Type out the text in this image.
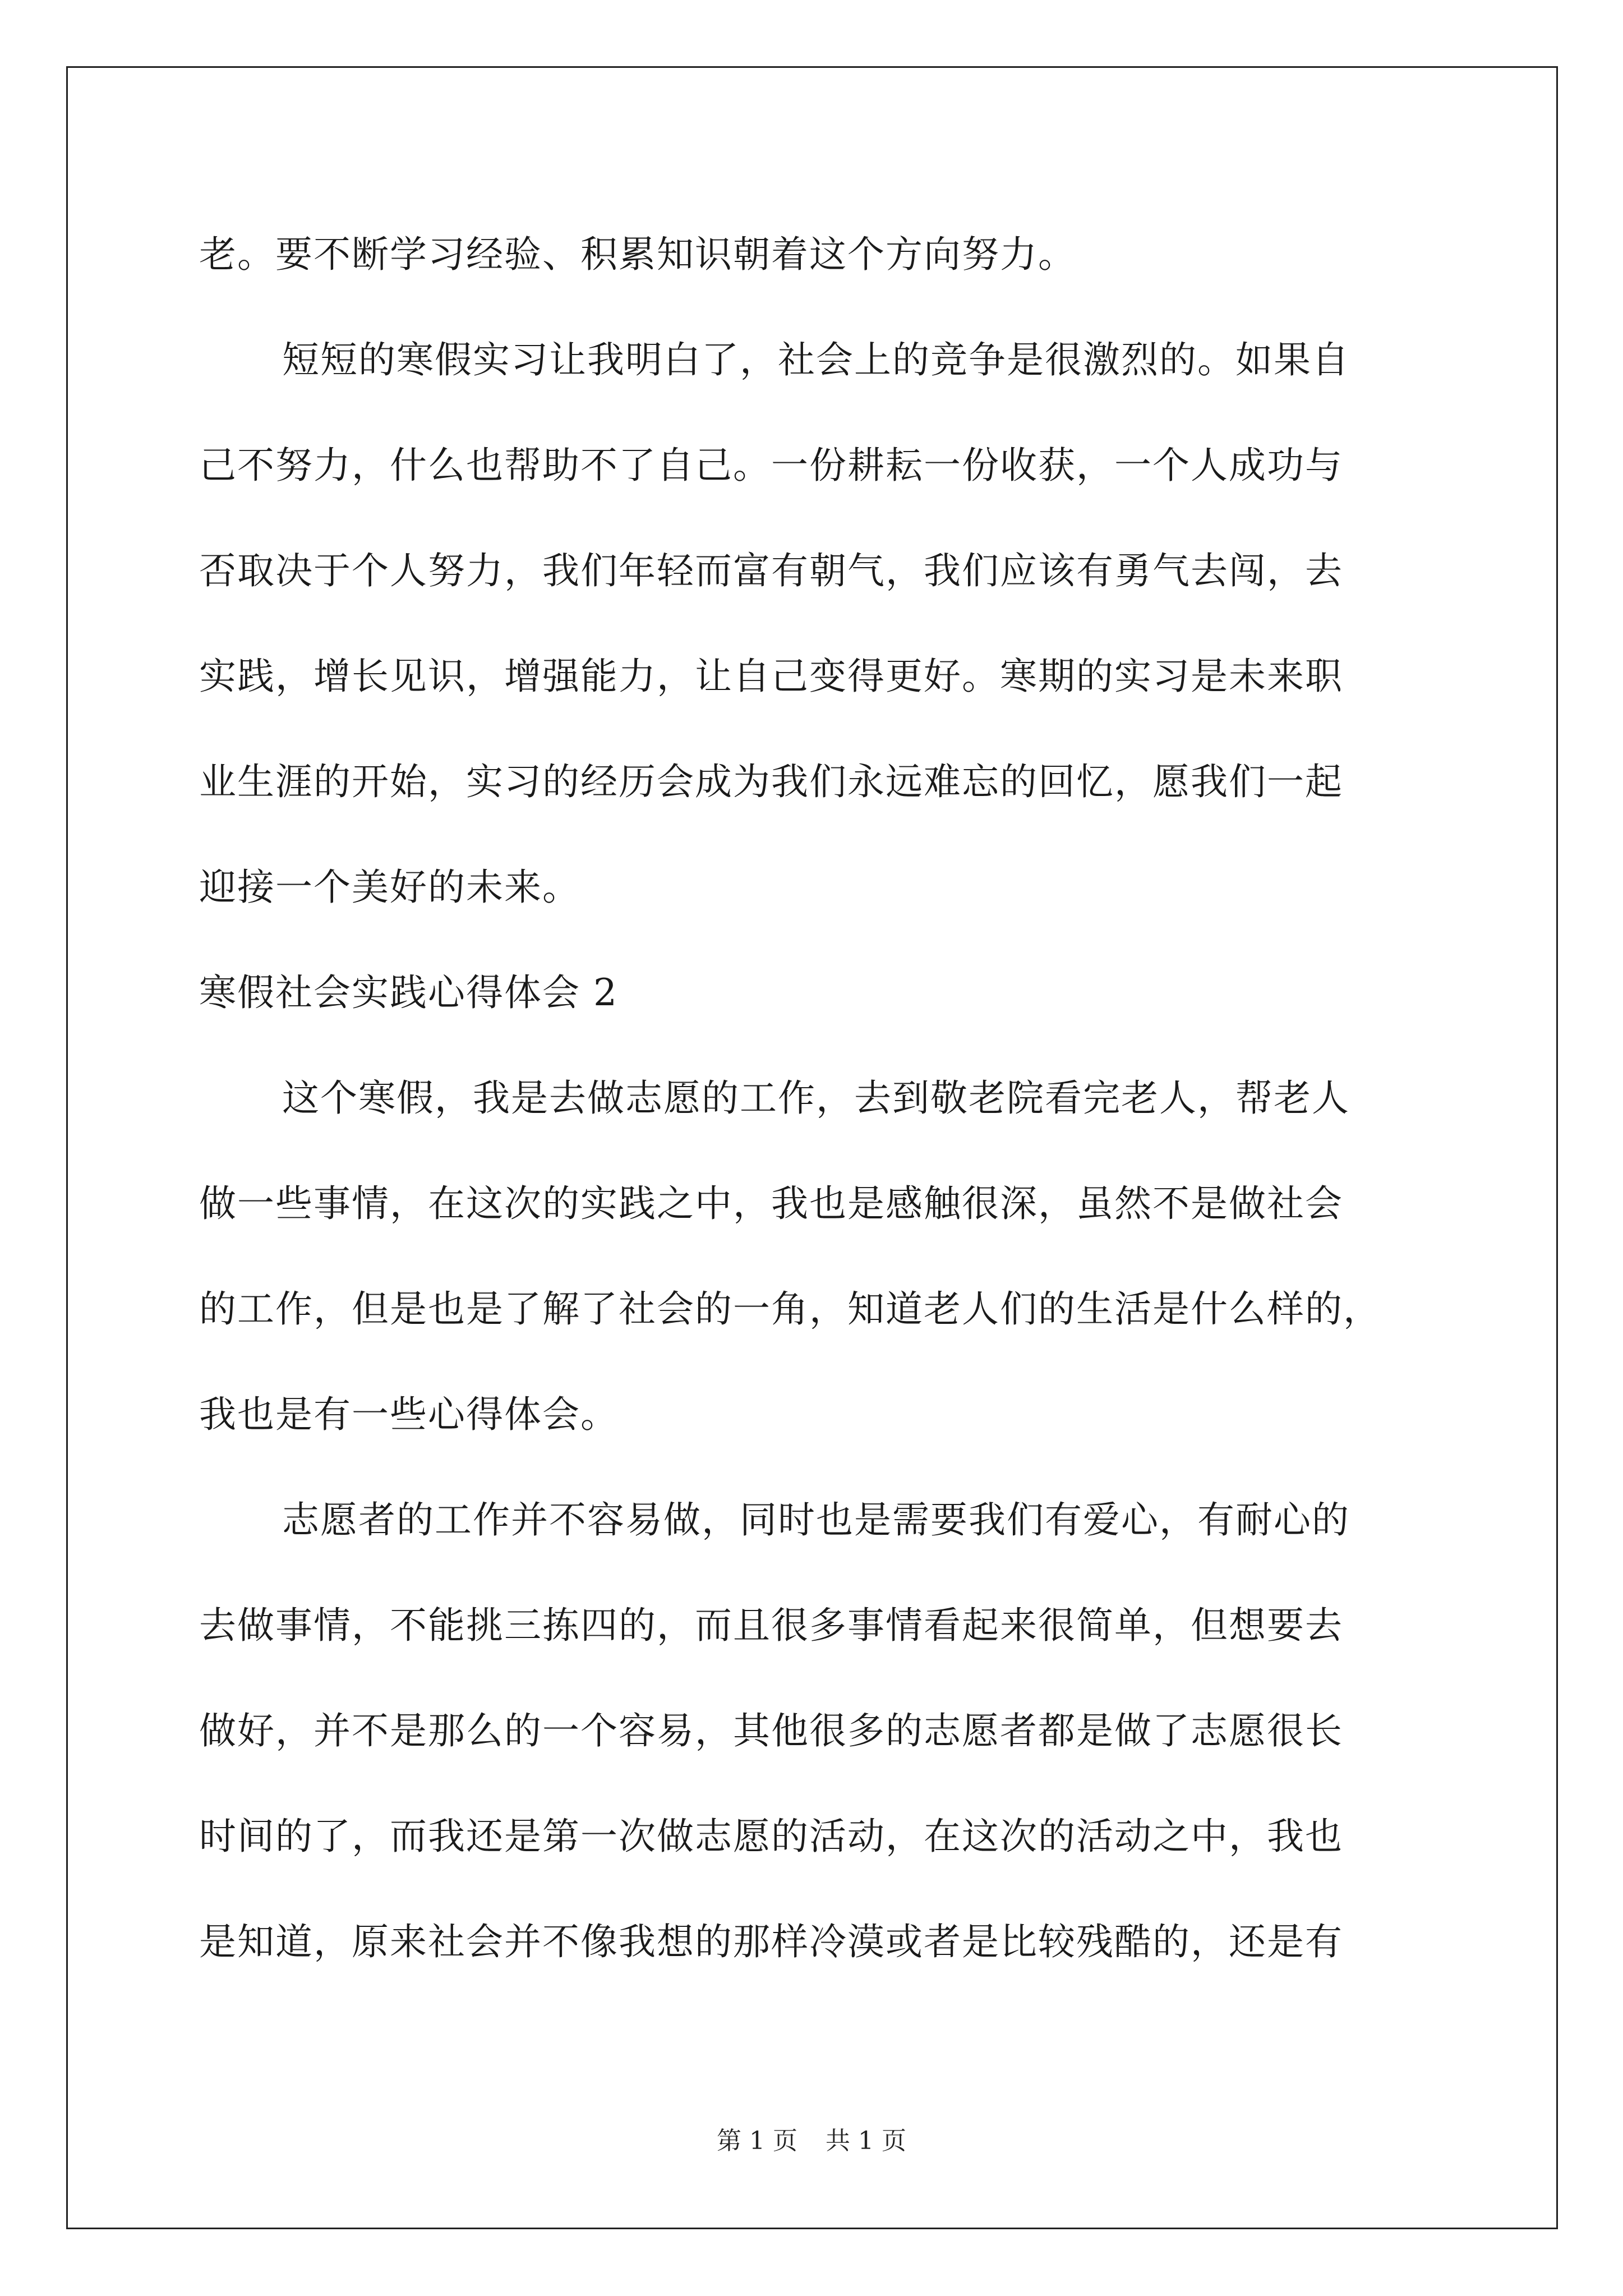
老。要不断学习经验、积累知识朝着这个方向努力。
短短的寒假实习让我明白了，社会上的竞争是很激烈的。如果自
己不努力，什么也帮助不了自己。一份耕耘一份收获，一个人成功与
否取决于个人努力，我们年轻而富有朝气，我们应该有勇气去闯，去
实践，增长见识，增强能力，让自己变得更好。寒期的实习是未来职
业生涯的开始，实习的经历会成为我们永远难忘的回忆，愿我们一起
迎接一个美好的未来。
寒假社会实践心得体会 2
这个寒假，我是去做志愿的工作，去到敬老院看完老人，帮老人
做一些事情，在这次的实践之中，我也是感触很深，虽然不是做社会
的工作，但是也是了解了社会的一角，知道老人们的生活是什么样的，
我也是有一些心得体会。
志愿者的工作并不容易做，同时也是需要我们有爱心，有耐心的
去做事情，不能挑三拣四的，而且很多事情看起来很简单，但想要去
做好，并不是那么的一个容易，其他很多的志愿者都是做了志愿很长
时间的了，而我还是第一次做志愿的活动，在这次的活动之中，我也
是知道，原来社会并不像我想的那样冷漠或者是比较残酷的，还是有
第 1 页 共 1 页
